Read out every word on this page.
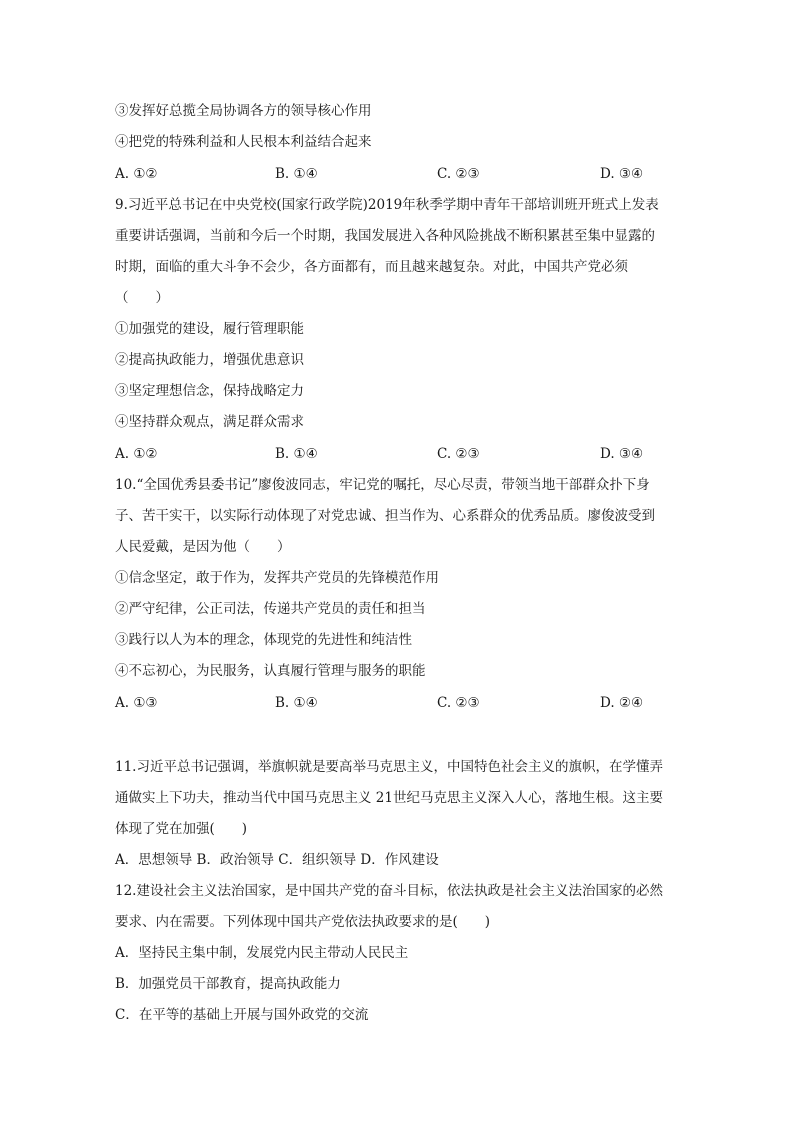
③发挥好总揽全局协调各方的领导核心作用
④把党的特殊利益和人民根本利益结合起来
A. ①②	B. ①④	C. ②③	D. ③④
9.习近平总书记在中央党校(国家行政学院)2019年秋季学期中青年干部培训班开班式上发表
重要讲话强调，当前和今后一个时期，我国发展进入各种风险挑战不断积累甚至集中显露的
时期，面临的重大斗争不会少，各方面都有，而且越来越复杂。对此，中国共产党必须
（　　）
①加强党的建设，履行管理职能
②提高执政能力，增强优患意识
③坚定理想信念，保持战略定力
④坚持群众观点，满足群众需求
A. ①②	B. ①④	C. ②③	D. ③④
10.“全国优秀县委书记”廖俊波同志，牢记党的嘱托，尽心尽责，带领当地干部群众扑下身
子、苦干实干，以实际行动体现了对党忠诚、担当作为、心系群众的优秀品质。廖俊波受到
人民爱戴，是因为他（　　）
①信念坚定，敢于作为，发挥共产党员的先锋模范作用
②严守纪律，公正司法，传递共产党员的责任和担当
③践行以人为本的理念，体现党的先进性和纯洁性
④不忘初心，为民服务，认真履行管理与服务的职能
A. ①③	B. ①④	C. ②③	D. ②④
11.习近平总书记强调，举旗帜就是要高举马克思主义，中国特色社会主义的旗帜，在学懂弄
通做实上下功夫，推动当代中国马克思主义 21世纪马克思主义深入人心，落地生根。这主要
体现了党在加强(　　)
A．思想领导 B．政治领导 C．组织领导 D．作风建设
12.建设社会主义法治国家，是中国共产党的奋斗目标，依法执政是社会主义法治国家的必然
要求、内在需要。下列体现中国共产党依法执政要求的是(　　)
A．坚持民主集中制，发展党内民主带动人民民主
B．加强党员干部教育，提高执政能力
C．在平等的基础上开展与国外政党的交流
